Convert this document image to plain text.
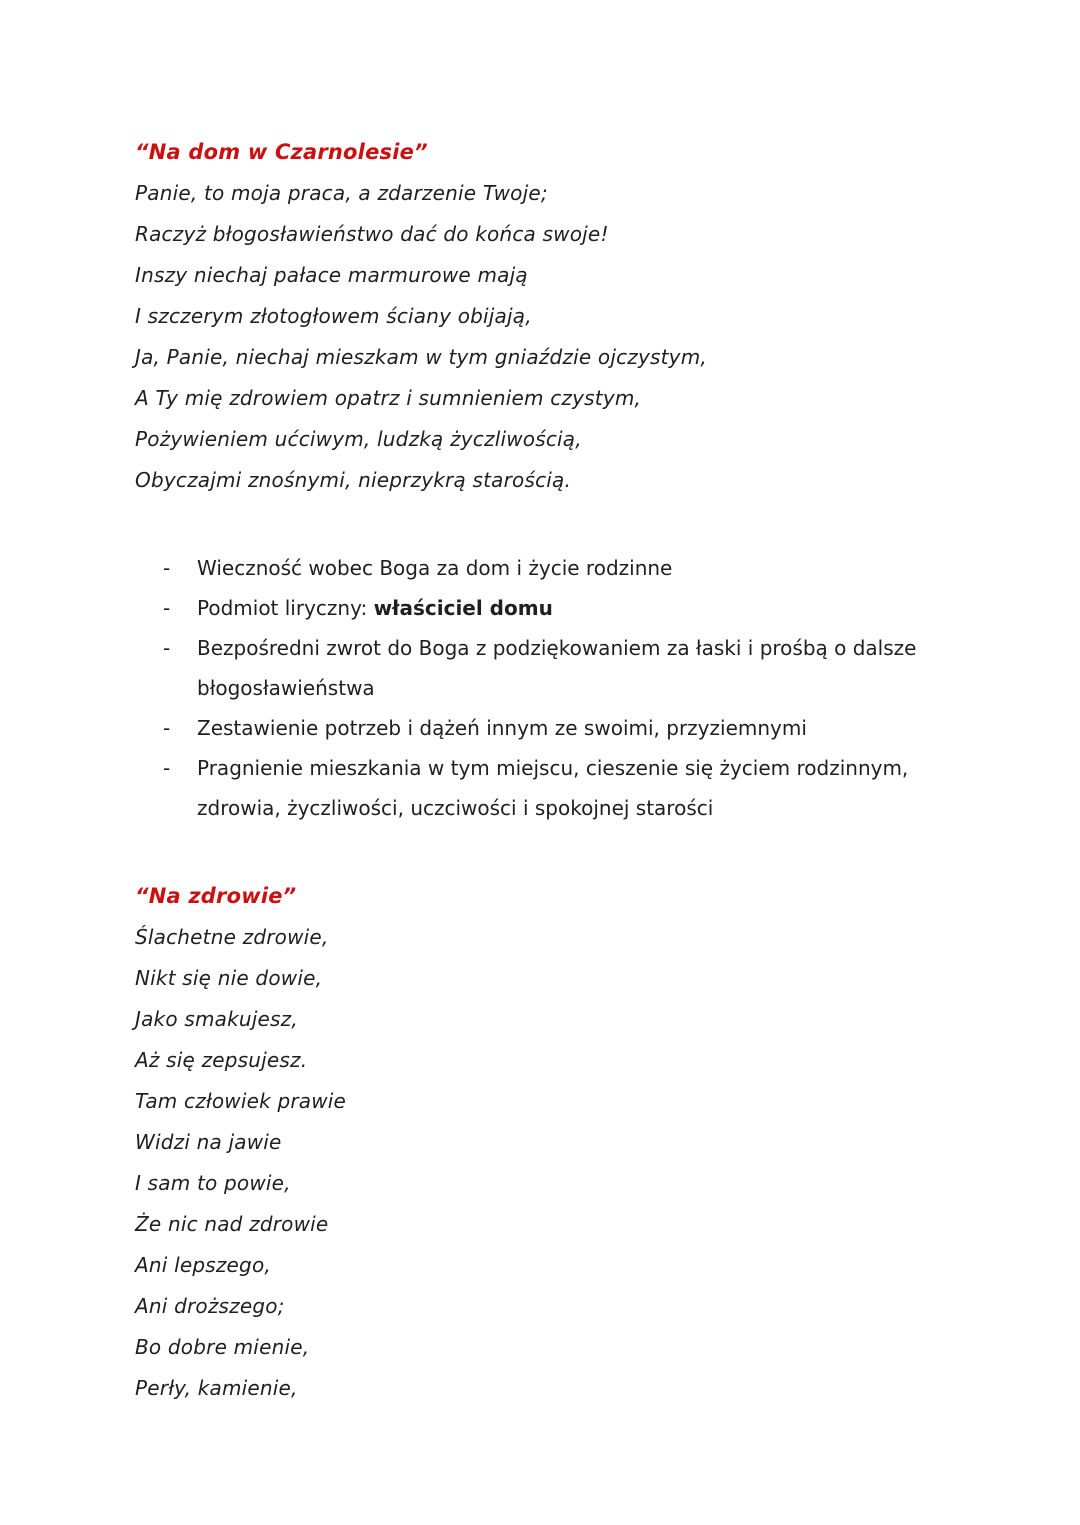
“Na dom w Czarnolesie”
Panie, to moja praca, a zdarzenie Twoje;
Raczyż błogosławieństwo dać do końca swoje!
Inszy niechaj pałace marmurowe mają
I szczerym złotogłowem ściany obijają,
Ja, Panie, niechaj mieszkam w tym gniaździe ojczystym,
A Ty mię zdrowiem opatrz i sumnieniem czystym,
Pożywieniem ućciwym, ludzką życzliwością,
Obyczajmi znośnymi, nieprzykrą starością.
-	Wieczność wobec Boga za dom i życie rodzinne
-	Podmiot liryczny: właściciel domu
-	Bezpośredni zwrot do Boga z podziękowaniem za łaski i prośbą o dalsze błogosławieństwa
-	Zestawienie potrzeb i dążeń innym ze swoimi, przyziemnymi
-	Pragnienie mieszkania w tym miejscu, cieszenie się życiem rodzinnym, zdrowia, życzliwości, uczciwości i spokojnej starości
“Na zdrowie”
Ślachetne zdrowie,
Nikt się nie dowie,
Jako smakujesz,
Aż się zepsujesz.
Tam człowiek prawie
Widzi na jawie
I sam to powie,
Że nic nad zdrowie
Ani lepszego,
Ani droższego;
Bo dobre mienie,
Perły, kamienie,
